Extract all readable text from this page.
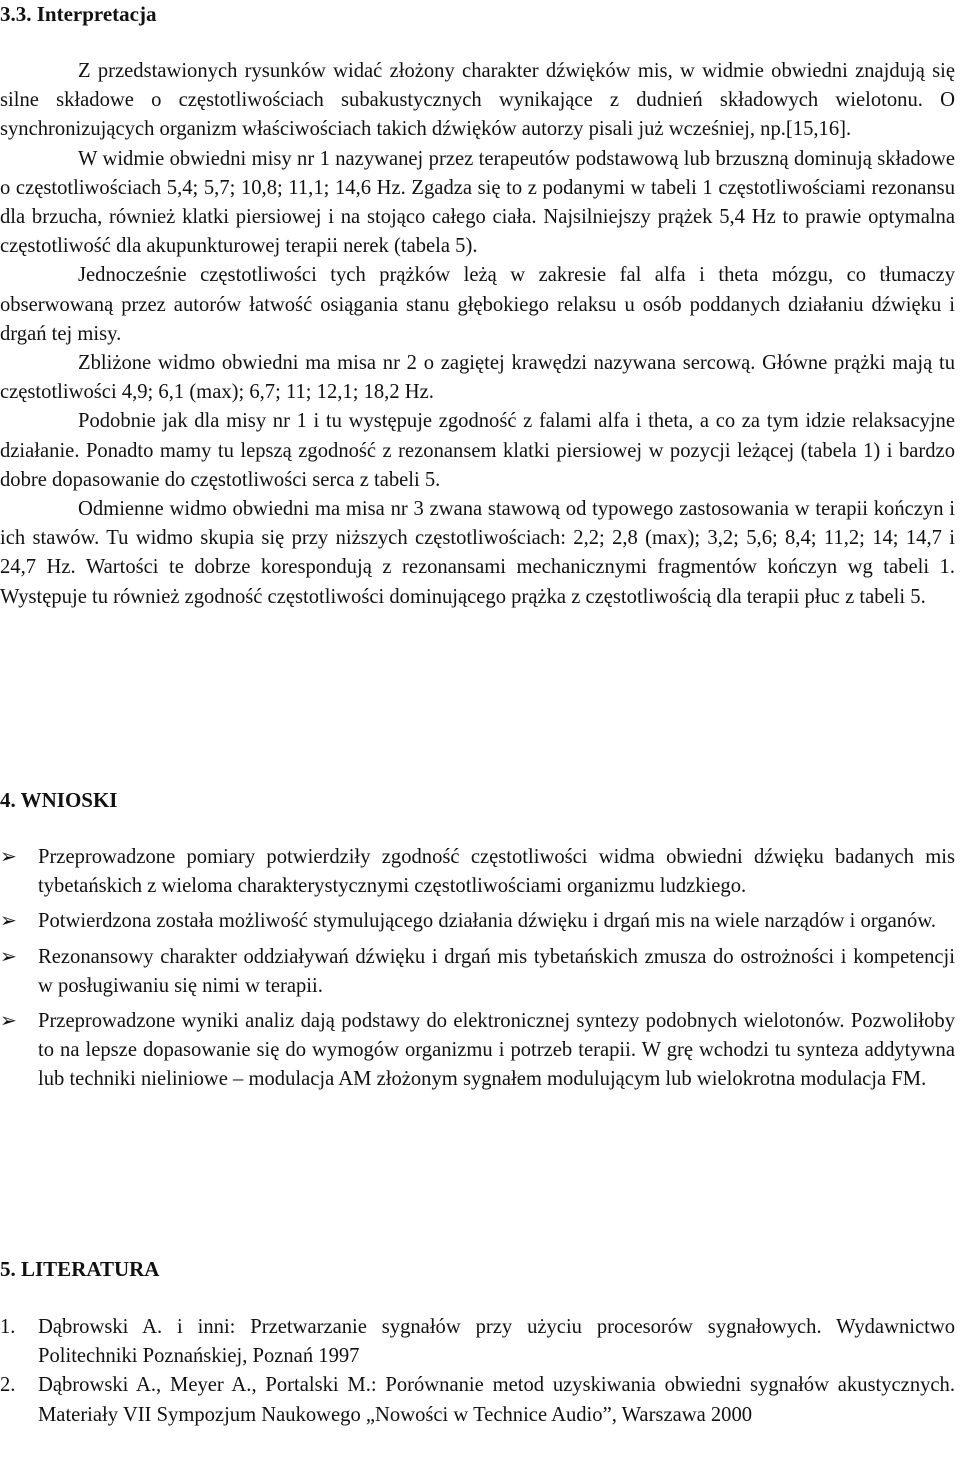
3.3. Interpretacja

Z przedstawionych rysunków widać złożony charakter dźwięków mis, w widmie obwiedni znajdują się silne składowe o częstotliwościach subakustycznych wynikające z dudnień składowych wielotonu. O synchronizujących organizm właściwościach takich dźwięków autorzy pisali już wcześniej, np.[15,16].

W widmie obwiedni misy nr 1 nazywanej przez terapeutów podstawową lub brzuszną dominują składowe o częstotliwościach 5,4; 5,7; 10,8; 11,1; 14,6 Hz. Zgadza się to z podanymi w tabeli 1 częstotliwościami rezonansu dla brzucha, również klatki piersiowej i na stojąco całego ciała. Najsilniejszy prążek 5,4 Hz to prawie optymalna częstotliwość dla akupunkturowej terapii nerek (tabela 5).

Jednocześnie częstotliwości tych prążków leżą w zakresie fal alfa i theta mózgu, co tłumaczy obserwowaną przez autorów łatwość osiągania stanu głębokiego relaksu u osób poddanych działaniu dźwięku i drgań tej misy.

Zbliżone widmo obwiedni ma misa nr 2 o zagiętej krawędzi nazywana sercową. Główne prążki mają tu częstotliwości 4,9; 6,1 (max); 6,7; 11; 12,1; 18,2 Hz.

Podobnie jak dla misy nr 1 i tu występuje zgodność z falami alfa i theta, a co za tym idzie relaksacyjne działanie. Ponadto mamy tu lepszą zgodność z rezonansem klatki piersiowej w pozycji leżącej (tabela 1) i bardzo dobre dopasowanie do częstotliwości serca z tabeli 5.

Odmienne widmo obwiedni ma misa nr 3 zwana stawową od typowego zastosowania w terapii kończyn i ich stawów. Tu widmo skupia się przy niższych częstotliwościach: 2,2; 2,8 (max); 3,2; 5,6; 8,4; 11,2; 14; 14,7 i 24,7 Hz. Wartości te dobrze korespondują z rezonansami mechanicznymi fragmentów kończyn wg tabeli 1. Występuje tu również zgodność częstotliwości dominującego prążka z częstotliwością dla terapii płuc z tabeli 5.

4. WNIOSKI
➢ Przeprowadzone pomiary potwierdziły zgodność częstotliwości widma obwiedni dźwięku badanych mis tybetańskich z wieloma charakterystycznymi częstotliwościami organizmu ludzkiego.
➢ Potwierdzona została możliwość stymulującego działania dźwięku i drgań mis na wiele narządów i organów.
➢ Rezonansowy charakter oddziaływań dźwięku i drgań mis tybetańskich zmusza do ostrożności i kompetencji w posługiwaniu się nimi w terapii.
➢ Przeprowadzone wyniki analiz dają podstawy do elektronicznej syntezy podobnych wielotonów. Pozwoliłoby to na lepsze dopasowanie się do wymogów organizmu i potrzeb terapii. W grę wchodzi tu synteza addytywna lub techniki nieliniowe – modulacja AM złożonym sygnałem modulującym lub wielokrotna modulacja FM.
5. LITERATURA
1. Dąbrowski A. i inni: Przetwarzanie sygnałów przy użyciu procesorów sygnałowych. Wydawnictwo Politechniki Poznańskiej, Poznań 1997
2. Dąbrowski A., Meyer A., Portalski M.: Porównanie metod uzyskiwania obwiedni sygnałów akustycznych. Materiały VII Sympozjum Naukowego „Nowości w Technice Audio”, Warszawa 2000
